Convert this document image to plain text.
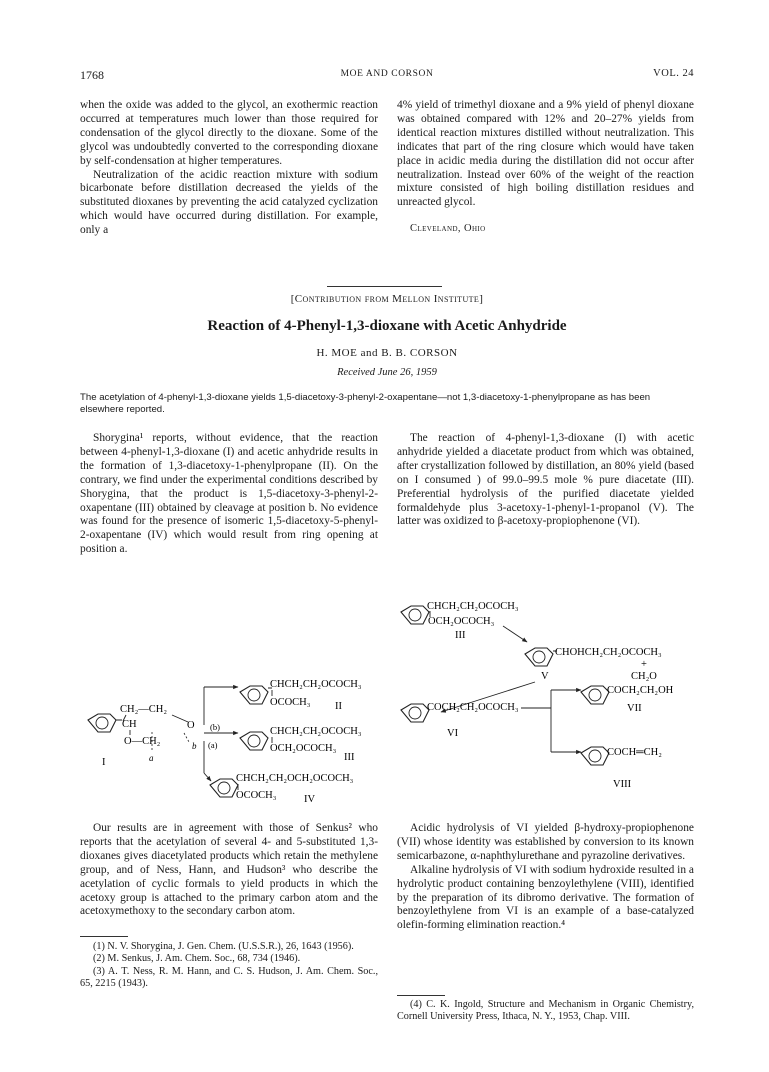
1768	MOE AND CORSON	VOL. 24

when the oxide was added to the glycol, an exothermic reaction occurred at temperatures much lower than those required for condensation of the glycol directly to the dioxane. Some of the glycol was undoubtedly converted to the corresponding dioxane by self-condensation at higher temperatures.

Neutralization of the acidic reaction mixture with sodium bicarbonate before distillation decreased the yields of the substituted dioxanes by preventing the acid catalyzed cyclization which would have occurred during distillation. For example, only a

4% yield of trimethyl dioxane and a 9% yield of phenyl dioxane was obtained compared with 12% and 20–27% yields from identical reaction mixtures distilled without neutralization. This indicates that part of the ring closure which would have taken place in acidic media during the distillation did not occur after neutralization. Instead over 60% of the weight of the reaction mixture consisted of high boiling distillation residues and unreacted glycol.

Cleveland, Ohio

[Contribution from Mellon Institute]
Reaction of 4-Phenyl-1,3-dioxane with Acetic Anhydride
H. MOE and B. B. CORSON
Received June 26, 1959
The acetylation of 4-phenyl-1,3-dioxane yields 1,5-diacetoxy-3-phenyl-2-oxapentane—not 1,3-diacetoxy-1-phenylpropane as has been elsewhere reported.

Shorygina¹ reports, without evidence, that the reaction between 4-phenyl-1,3-dioxane (I) and acetic anhydride results in the formation of 1,3-diacetoxy-1-phenylpropane (II). On the contrary, we find under the experimental conditions described by Shorygina, that the product is 1,5-diacetoxy-3-phenyl-2-oxapentane (III) obtained by cleavage at position b. No evidence was found for the presence of isomeric 1,5-diacetoxy-5-phenyl-2-oxapentane (IV) which would result from ring opening at position a.

The reaction of 4-phenyl-1,3-dioxane (I) with acetic anhydride yielded a diacetate product from which was obtained, after crystallization followed by distillation, an 80% yield (based on I consumed ) of 99.0–99.5 mole % pure diacetate (III). Preferential hydrolysis of the purified diacetate yielded formaldehyde plus 3-acetoxy-1-phenyl-1-propanol (V). The latter was oxidized to β-acetoxy-propiophenone (VI).

CH₂—CH₂
CH	O
O—CH₂	b
a
I
(b)
(a)
CHCH₂CH₂OCOCH₃
OCOCH₃ II
CHCH₂CH₂OCOCH₃
OCH₂OCOCH₃
III
CHCH₂CH₂OCH₂OCOCH₃
OCOCH₃	IV
CHCH₂CH₂OCOCH₃
OCH₂OCOCH₃
III
CHOHCH₂CH₂OCOCH₃
+
CH₂O
V
COCH₂CH₂OCOCH₃
VI
COCH₂CH₂OH
VII
COCH═CH₂
VIII

Our results are in agreement with those of Senkus² who reports that the acetylation of several 4- and 5-substituted 1,3-dioxanes gives diacetylated products which retain the methylene group, and of Ness, Hann, and Hudson³ who describe the acetylation of cyclic formals to yield products in which the acetoxy group is attached to the primary carbon atom and the acetoxymethoxy to the secondary carbon atom.

Acidic hydrolysis of VI yielded β-hydroxy-propiophenone (VII) whose identity was established by conversion to its known semicarbazone, α-naphthylurethane and pyrazoline derivatives.

Alkaline hydrolysis of VI with sodium hydroxide resulted in a hydrolytic product containing benzoylethylene (VIII), identified by the preparation of its dibromo derivative. The formation of benzoylethylene from VI is an example of a base-catalyzed olefin-forming elimination reaction.⁴

(1) N. V. Shorygina, J. Gen. Chem. (U.S.S.R.), 26, 1643 (1956).

(2) M. Senkus, J. Am. Chem. Soc., 68, 734 (1946).

(3) A. T. Ness, R. M. Hann, and C. S. Hudson, J. Am. Chem. Soc., 65, 2215 (1943).

(4) C. K. Ingold, Structure and Mechanism in Organic Chemistry, Cornell University Press, Ithaca, N. Y., 1953, Chap. VIII.
